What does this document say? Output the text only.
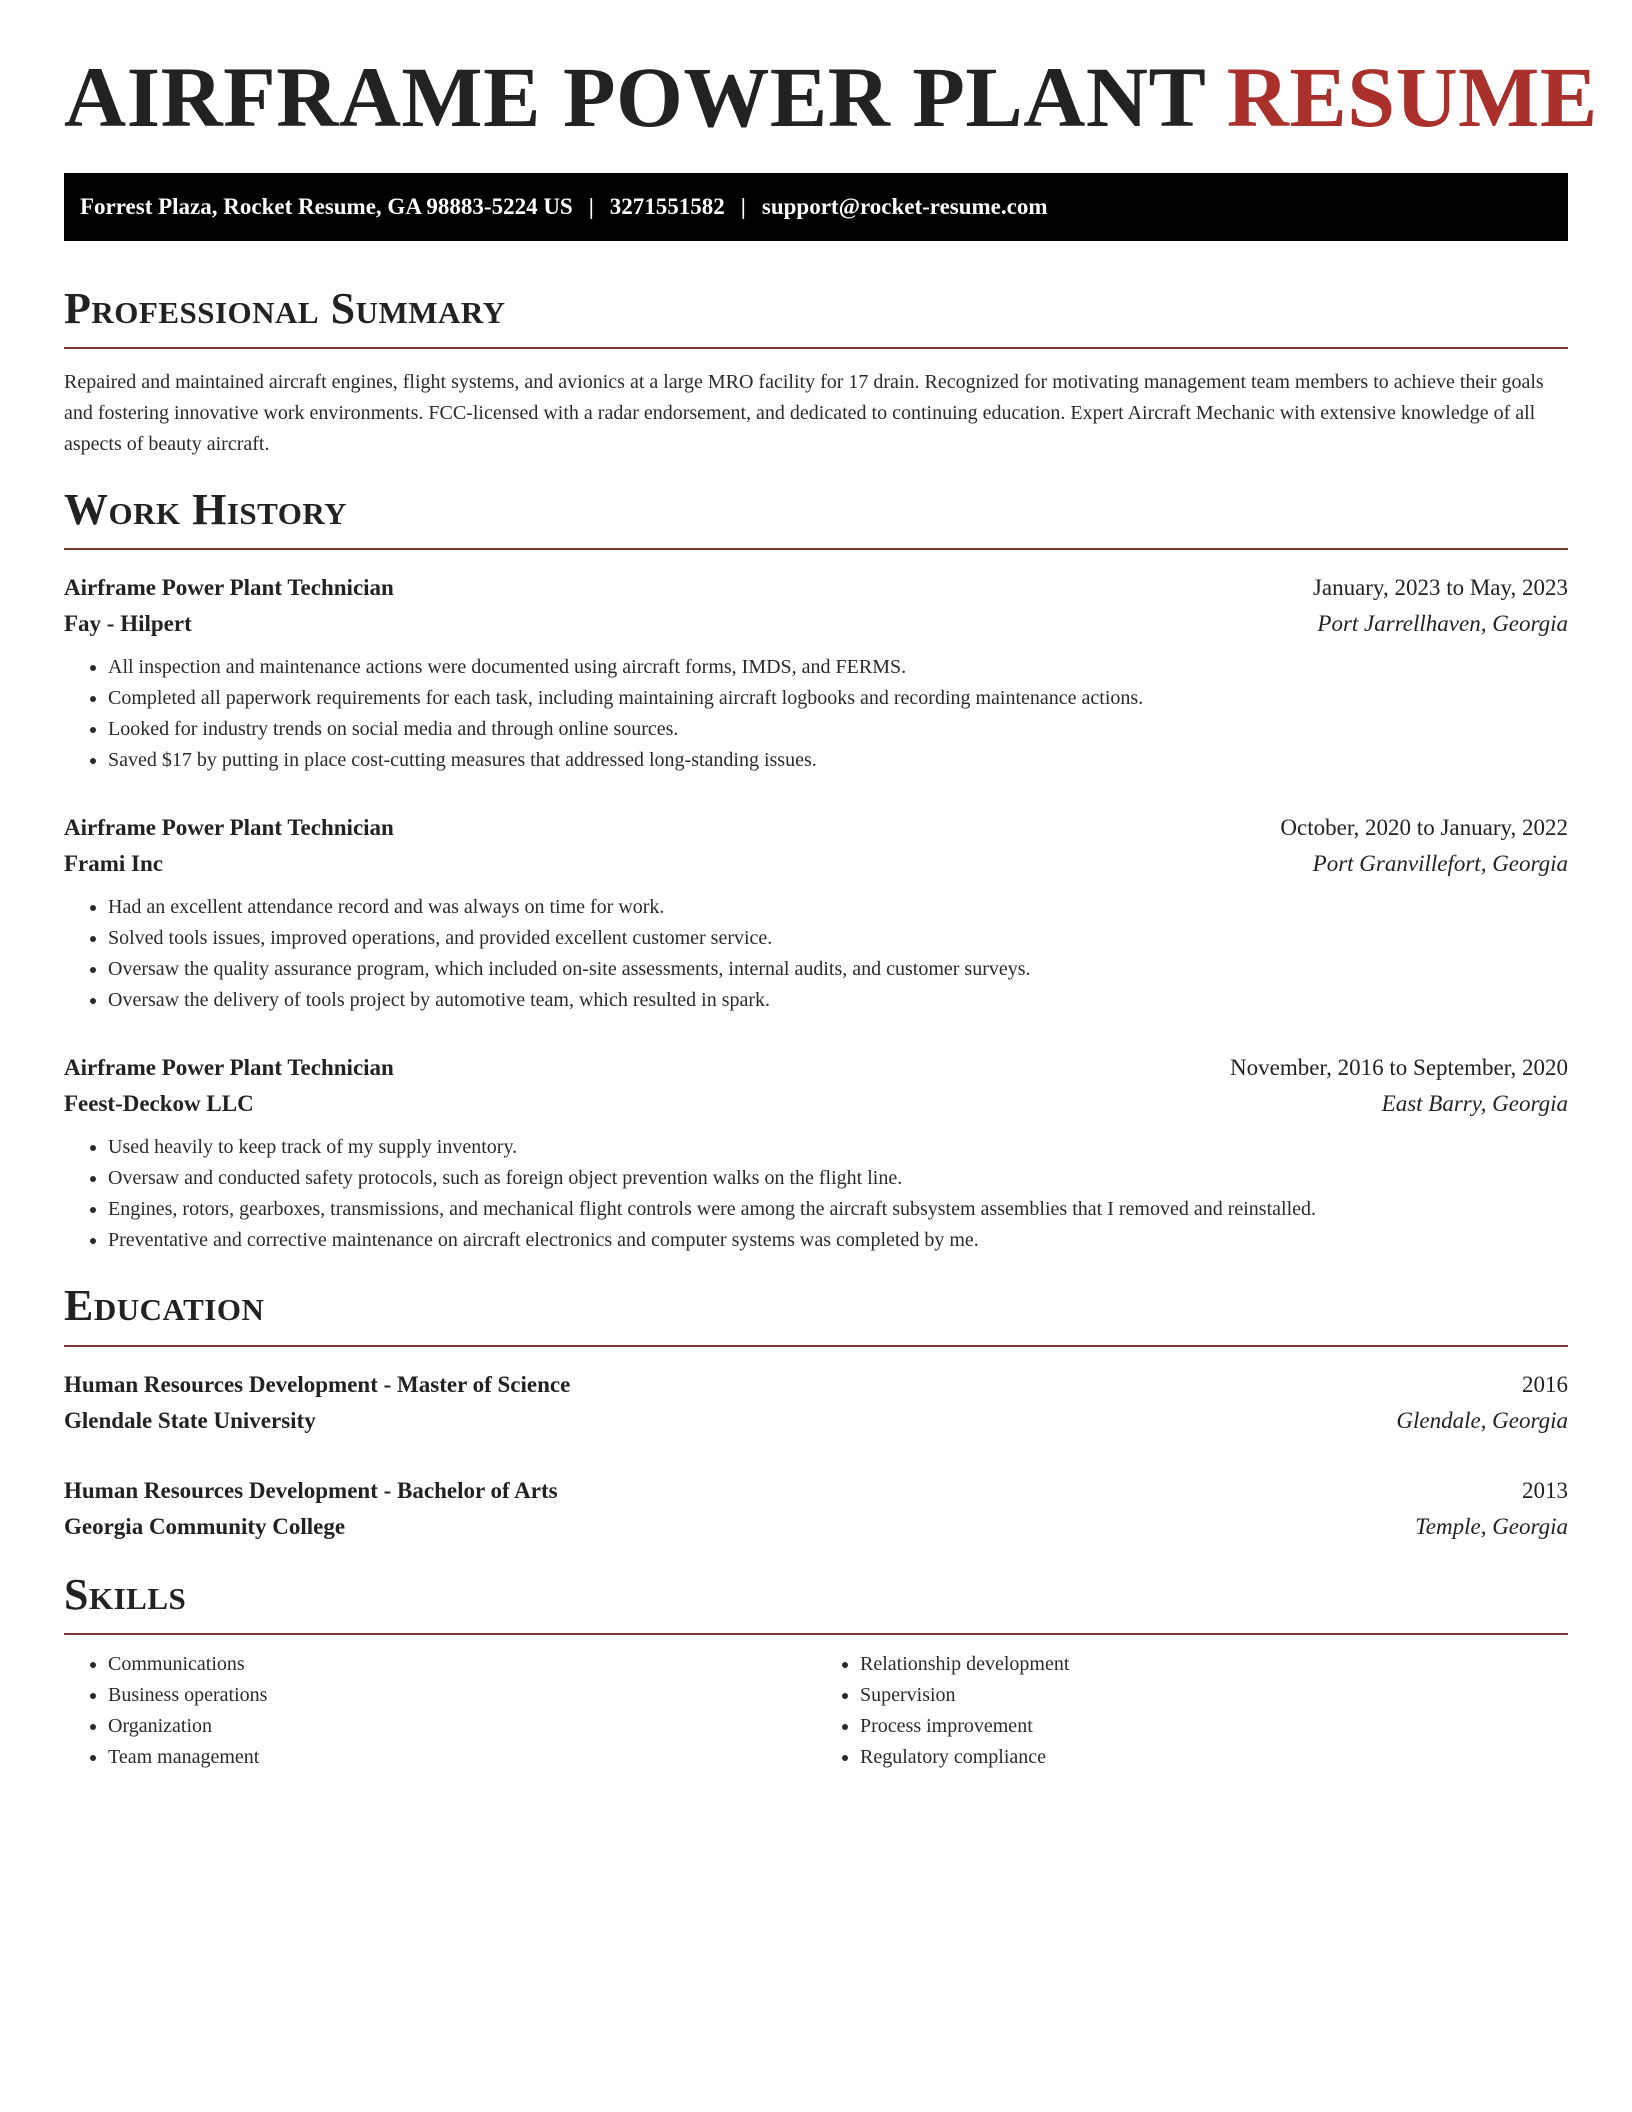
AIRFRAME POWER PLANT RESUME
Forrest Plaza, Rocket Resume, GA 98883-5224 US | 3271551582 | support@rocket-resume.com
Professional Summary

Repaired and maintained aircraft engines, flight systems, and avionics at a large MRO facility for 17 drain. Recognized for motivating management team members to achieve their goals and fostering innovative work environments. FCC-licensed with a radar endorsement, and dedicated to continuing education. Expert Aircraft Mechanic with extensive knowledge of all aspects of beauty aircraft.

Work History
Airframe Power Plant Technician	January, 2023 to May, 2023
Fay - Hilpert	Port Jarrellhaven, Georgia
• All inspection and maintenance actions were documented using aircraft forms, IMDS, and FERMS.
• Completed all paperwork requirements for each task, including maintaining aircraft logbooks and recording maintenance actions.
• Looked for industry trends on social media and through online sources.
• Saved $17 by putting in place cost-cutting measures that addressed long-standing issues.
Airframe Power Plant Technician	October, 2020 to January, 2022
Frami Inc	Port Granvillefort, Georgia
• Had an excellent attendance record and was always on time for work.
• Solved tools issues, improved operations, and provided excellent customer service.
• Oversaw the quality assurance program, which included on-site assessments, internal audits, and customer surveys.
• Oversaw the delivery of tools project by automotive team, which resulted in spark.
Airframe Power Plant Technician	November, 2016 to September, 2020
Feest-Deckow LLC	East Barry, Georgia
• Used heavily to keep track of my supply inventory.
• Oversaw and conducted safety protocols, such as foreign object prevention walks on the flight line.
• Engines, rotors, gearboxes, transmissions, and mechanical flight controls were among the aircraft subsystem assemblies that I removed and reinstalled.
• Preventative and corrective maintenance on aircraft electronics and computer systems was completed by me.
Education
Human Resources Development - Master of Science	2016
Glendale State University	Glendale, Georgia
Human Resources Development - Bachelor of Arts	2013
Georgia Community College	Temple, Georgia
Skills
• Communications
• Business operations
• Organization
• Team management
• Relationship development
• Supervision
• Process improvement
• Regulatory compliance
